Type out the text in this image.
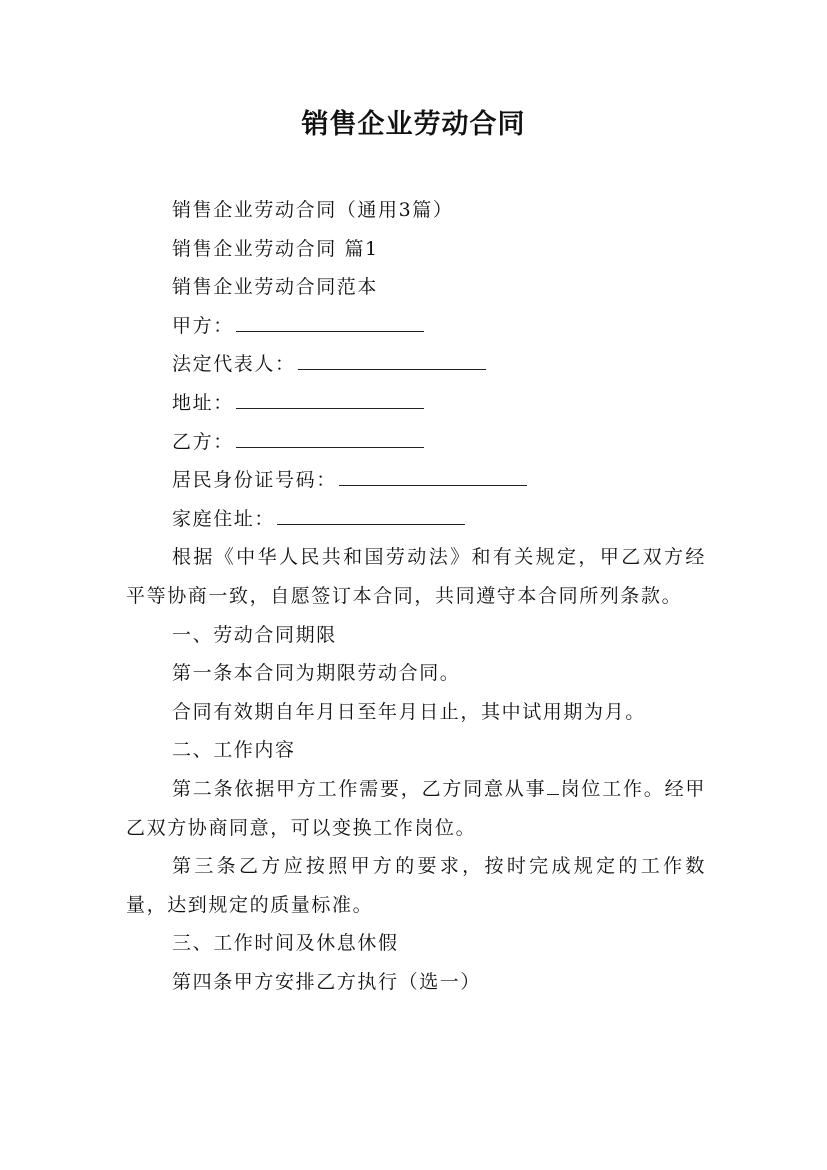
销售企业劳动合同

销售企业劳动合同（通用3篇）

销售企业劳动合同 篇1

销售企业劳动合同范本

甲方：

法定代表人：

地址：

乙方：

居民身份证号码：

家庭住址：

根据《中华人民共和国劳动法》和有关规定，甲乙双方经平等协商一致，自愿签订本合同，共同遵守本合同所列条款。

一、劳动合同期限

第一条本合同为期限劳动合同。

合同有效期自年月日至年月日止，其中试用期为月。

二、工作内容

第二条依据甲方工作需要，乙方同意从事 岗位工作。经甲乙双方协商同意，可以变换工作岗位。

第三条乙方应按照甲方的要求，按时完成规定的工作数量，达到规定的质量标准。

三、工作时间及休息休假

第四条甲方安排乙方执行（选一）
